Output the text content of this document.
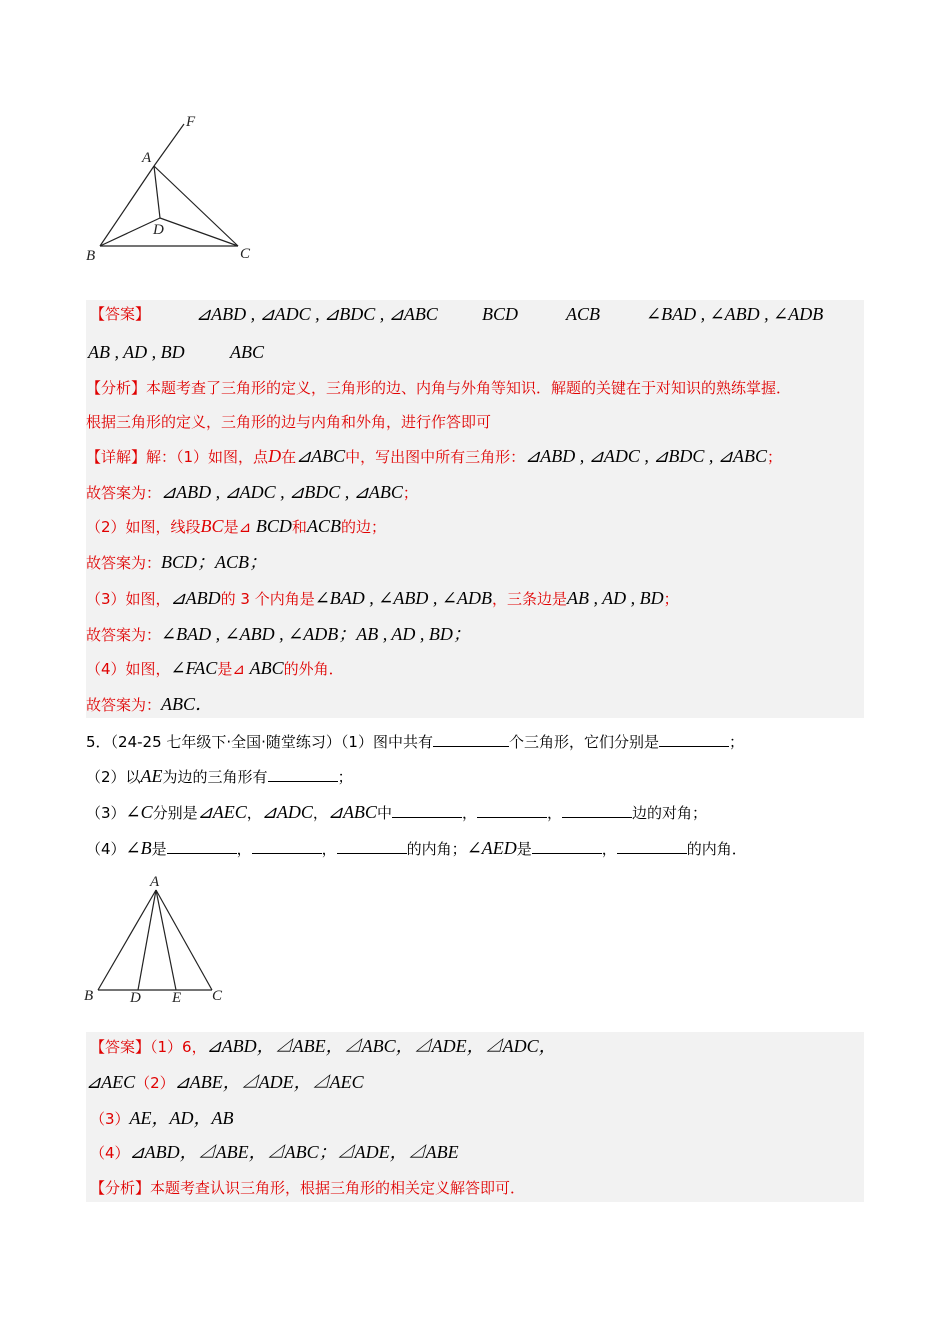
F
A
D
B	C
【答案】	⊿ABD , ⊿ADC , ⊿BDC , ⊿ABC BCD	ACB	∠BAD , ∠ABD , ∠ADB
AB , AD , BD	ABC
【分析】本题考查了三角形的定义，三角形的边、内角与外角等知识．解题的关键在于对知识的熟练掌握．
根据三角形的定义，三角形的边与内角和外角，进行作答即可
【详解】解：（1）如图，点D在⊿ABC中，写出图中所有三角形：⊿ABD , ⊿ADC , ⊿BDC , ⊿ABC；
故答案为：⊿ABD , ⊿ADC , ⊿BDC , ⊿ABC；
（2）如图，线段BC是⊿ BCD和ACB的边；
故答案为：BCD；ACB；
（3）如图，⊿ABD的 3 个内角是∠BAD , ∠ABD , ∠ADB，三条边是AB , AD , BD；
故答案为：∠BAD , ∠ABD , ∠ADB；AB , AD , BD；
（4）如图，∠FAC是⊿ ABC的外角．
故答案为：ABC．
5．（24-25 七年级下·全国·随堂练习）（1）图中共有	个三角形，它们分别是	；
（2）以AE为边的三角形有	；
（3）∠C分别是⊿AEC，⊿ADC，⊿ABC中	，	，	边的对角；
（4）∠B是	，	，	的内角；∠AED是	，	的内角．
A
B D E C
【答案】（1）6，⊿ABD，⊿ABE，⊿ABC，⊿ADE，⊿ADC，
⊿AEC（2）⊿ABE，⊿ADE，⊿AEC
（3）AE，AD，AB
（4）⊿ABD，⊿ABE，⊿ABC；⊿ADE，⊿ABE
【分析】本题考查认识三角形，根据三角形的相关定义解答即可．
